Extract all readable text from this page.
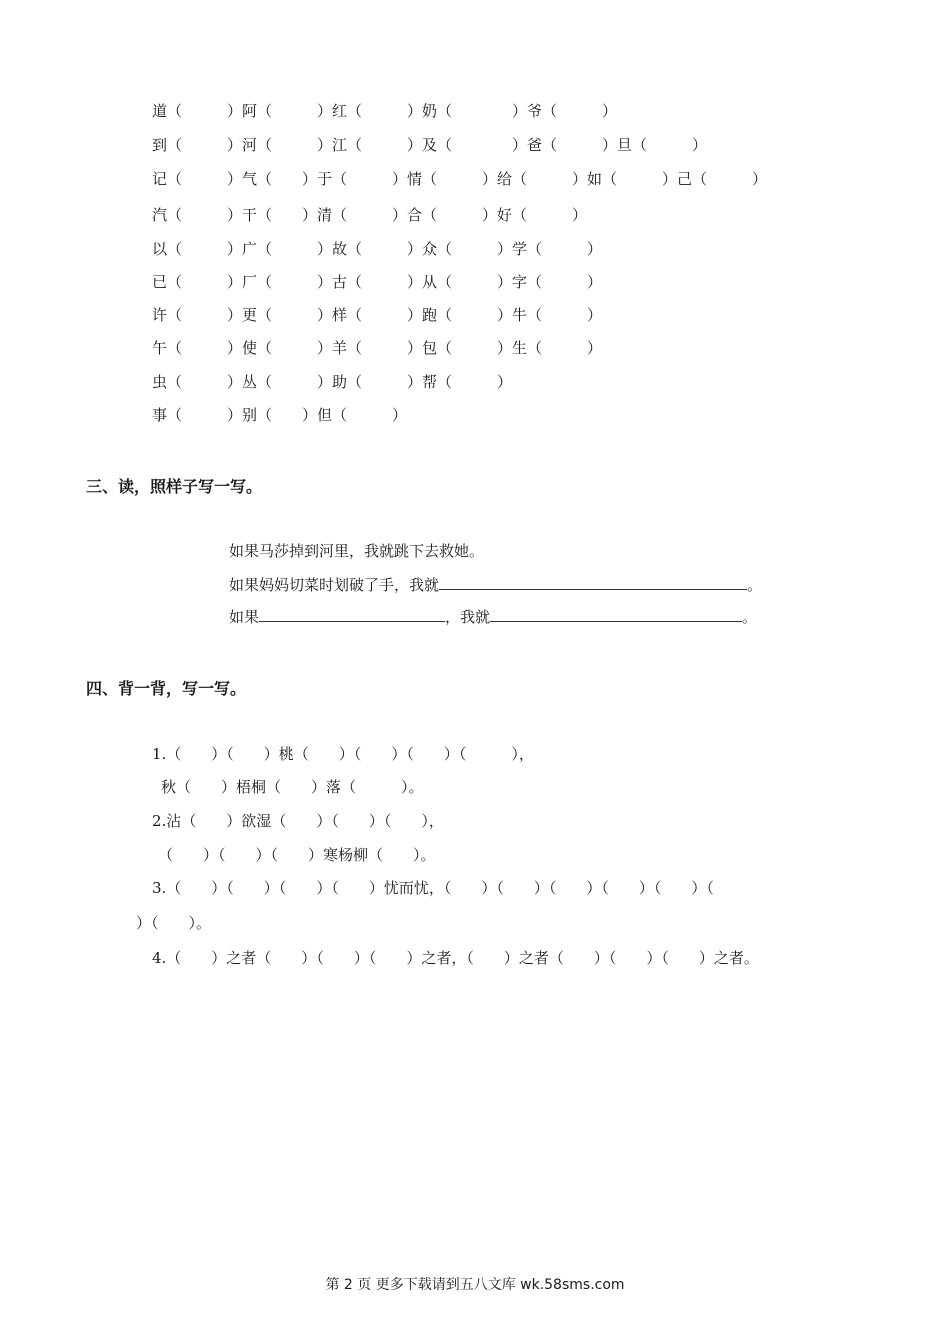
道（　　　）阿（　　　）红（　　　）奶（　　　　）爷（　　　）
到（　　　）河（　　　）江（　　　）及（　　　　）爸（　　　）旦（　　　）
记（　　　）气（　　）于（　　　）情（　　　）给（　　　）如（　　　）己（　　　）
汽（　　　）干（　　）清（　　　）合（　　　）好（　　　）
以（　　　）广（　　　）故（　　　）众（　　　）学（　　　）
已（　　　）厂（　　　）古（　　　）从（　　　）字（　　　）
许（　　　）更（　　　）样（　　　）跑（　　　）牛（　　　）
午（　　　）使（　　　）羊（　　　）包（　　　）生（　　　）
虫（　　　）丛（　　　）助（　　　）帮（　　　）
事（　　　）别（　　）但（　　　）
三、读，照样子写一写。
如果马莎掉到河里，我就跳下去救她。
如果妈妈切菜时划破了手，我就	。
如果	，我就	。
四、背一背，写一写。
1.（　　）（　　）桃（　　）（　　）（　　）（　　　），
秋（　　）梧桐（　　）落（　　　）。
2.沾（　　）欲湿（　　）（　　）（　　），
（　　）（　　）（　　）寒杨柳（　　）。
3.（　　）（　　）（　　）（　　）忧而忧，（　　）（　　）（　　）（　　）（　　）（
）（　　）。
4.（　　）之者（　　）（　　）（　　）之者，（　　）之者（　　）（　　）（　　）之者。
第 2 页 更多下载请到五八文库 wk.58sms.com
